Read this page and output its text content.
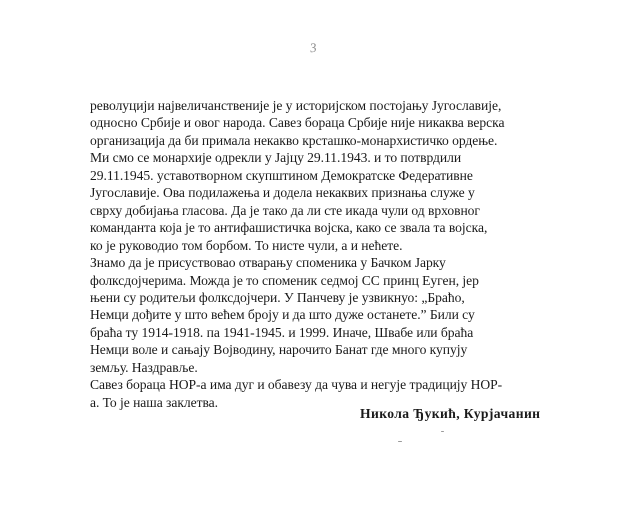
3
револуцији највеличанственије је у историјском постојању Југославије,
односно Србије и овог народа. Савез бораца Србије није никаква верска
организација да би примала некакво крсташко-монархистичко ордење.
Ми смо се монархије одрекли у Јајцу 29.11.1943. и то потврдили
29.11.1945. уставотворном скупштином Демократске Федеративне
Југославије. Ова подилажења и додела некаквих признања служе у
сврху добијања гласова. Да је тако да ли сте икада чули од врховног
команданта која је то антифашистичка војска, како се звала та војска,
ко је руководио том борбом. То нисте чули, а и нећете.
Знамо да је присуствовао отварању споменика у Бачком Јарку
фолксдојчерима. Можда је то споменик седмој СС принц Еуген, јер
њени су родитељи фолксдојчери. У Панчеву је узвикнуо: „Браћо,
Немци дођите у што већем броју и да што дуже останете.” Били су
браћа ту 1914-1918. па 1941-1945. и 1999. Иначе, Швабе или браћа
Немци воле и сањају Војводину, нарочито Банат где много купују
земљу. Наздравље.
Савез бораца НОР-а има дуг и обавезу да чува и негује традицију НОР-
а. То је наша заклетва.
Никола Ђукић, Курјачанин
